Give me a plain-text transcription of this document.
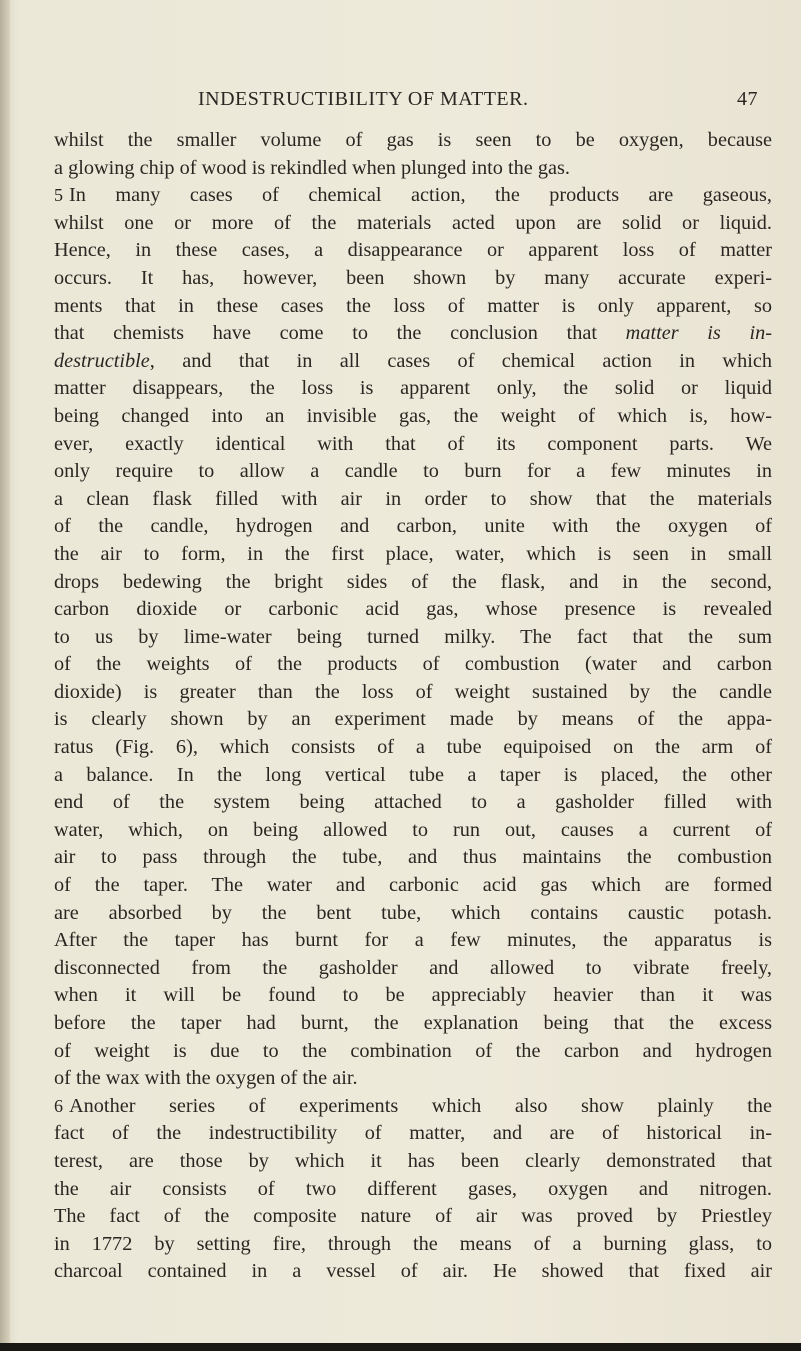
INDESTRUCTIBILITY OF MATTER.	47
whilst the smaller volume of gas is seen to be oxygen, because
a glowing chip of wood is rekindled when plunged into the gas.
5 In many cases of chemical action, the products are gaseous,
whilst one or more of the materials acted upon are solid or liquid.
Hence, in these cases, a disappearance or apparent loss of matter
occurs. It has, however, been shown by many accurate experi-
ments that in these cases the loss of matter is only apparent, so
that chemists have come to the conclusion that matter is in-
destructible, and that in all cases of chemical action in which
matter disappears, the loss is apparent only, the solid or liquid
being changed into an invisible gas, the weight of which is, how-
ever, exactly identical with that of its component parts. We
only require to allow a candle to burn for a few minutes in
a clean flask filled with air in order to show that the materials
of the candle, hydrogen and carbon, unite with the oxygen of
the air to form, in the first place, water, which is seen in small
drops bedewing the bright sides of the flask, and in the second,
carbon dioxide or carbonic acid gas, whose presence is revealed
to us by lime-water being turned milky. The fact that the sum
of the weights of the products of combustion (water and carbon
dioxide) is greater than the loss of weight sustained by the candle
is clearly shown by an experiment made by means of the appa-
ratus (Fig. 6), which consists of a tube equipoised on the arm of
a balance. In the long vertical tube a taper is placed, the other
end of the system being attached to a gasholder filled with
water, which, on being allowed to run out, causes a current of
air to pass through the tube, and thus maintains the combustion
of the taper. The water and carbonic acid gas which are formed
are absorbed by the bent tube, which contains caustic potash.
After the taper has burnt for a few minutes, the apparatus is
disconnected from the gasholder and allowed to vibrate freely,
when it will be found to be appreciably heavier than it was
before the taper had burnt, the explanation being that the excess
of weight is due to the combination of the carbon and hydrogen
of the wax with the oxygen of the air.
6 Another series of experiments which also show plainly the
fact of the indestructibility of matter, and are of historical in-
terest, are those by which it has been clearly demonstrated that
the air consists of two different gases, oxygen and nitrogen.
The fact of the composite nature of air was proved by Priestley
in 1772 by setting fire, through the means of a burning glass, to
charcoal contained in a vessel of air. He showed that fixed air
